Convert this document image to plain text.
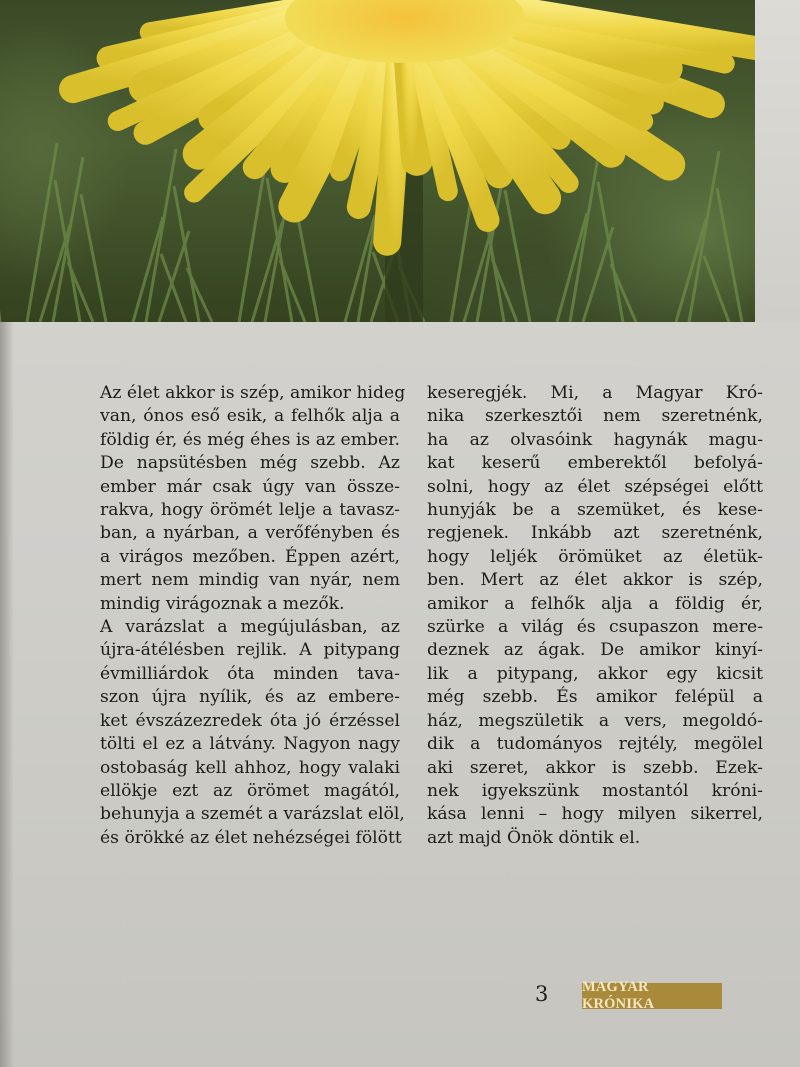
Az élet akkor is szép, amikor hideg
van, ónos eső esik, a felhők alja a
földig ér, és még éhes is az ember.
De napsütésben még szebb. Az
ember már csak úgy van össze-
rakva, hogy örömét lelje a tavasz-
ban, a nyárban, a verőfényben és
a virágos mezőben. Éppen azért,
mert nem mindig van nyár, nem
mindig virágoznak a mezők.
A varázslat a megújulásban, az
újra-átélésben rejlik. A pitypang
évmilliárdok óta minden tava-
szon újra nyílik, és az embere-
ket évszázezredek óta jó érzéssel
tölti el ez a látvány. Nagyon nagy
ostobaság kell ahhoz, hogy valaki
ellökje ezt az örömet magától,
behunyja a szemét a varázslat elöl,
és örökké az élet nehézségei fölött
keseregjék. Mi, a Magyar Kró-
nika szerkesztői nem szeretnénk,
ha az olvasóink hagynák magu-
kat keserű emberektől befolyá-
solni, hogy az élet szépségei előtt
hunyják be a szemüket, és kese-
regjenek. Inkább azt szeretnénk,
hogy leljék örömüket az életük-
ben. Mert az élet akkor is szép,
amikor a felhők alja a földig ér,
szürke a világ és csupaszon mere-
deznek az ágak. De amikor kinyí-
lik a pitypang, akkor egy kicsit
még szebb. És amikor felépül a
ház, megszületik a vers, megoldó-
dik a tudományos rejtély, megölel
aki szeret, akkor is szebb. Ezek-
nek igyekszünk mostantól króni-
kása lenni – hogy milyen sikerrel,
azt majd Önök döntik el.
3 MAGYAR KRÓNIKA
